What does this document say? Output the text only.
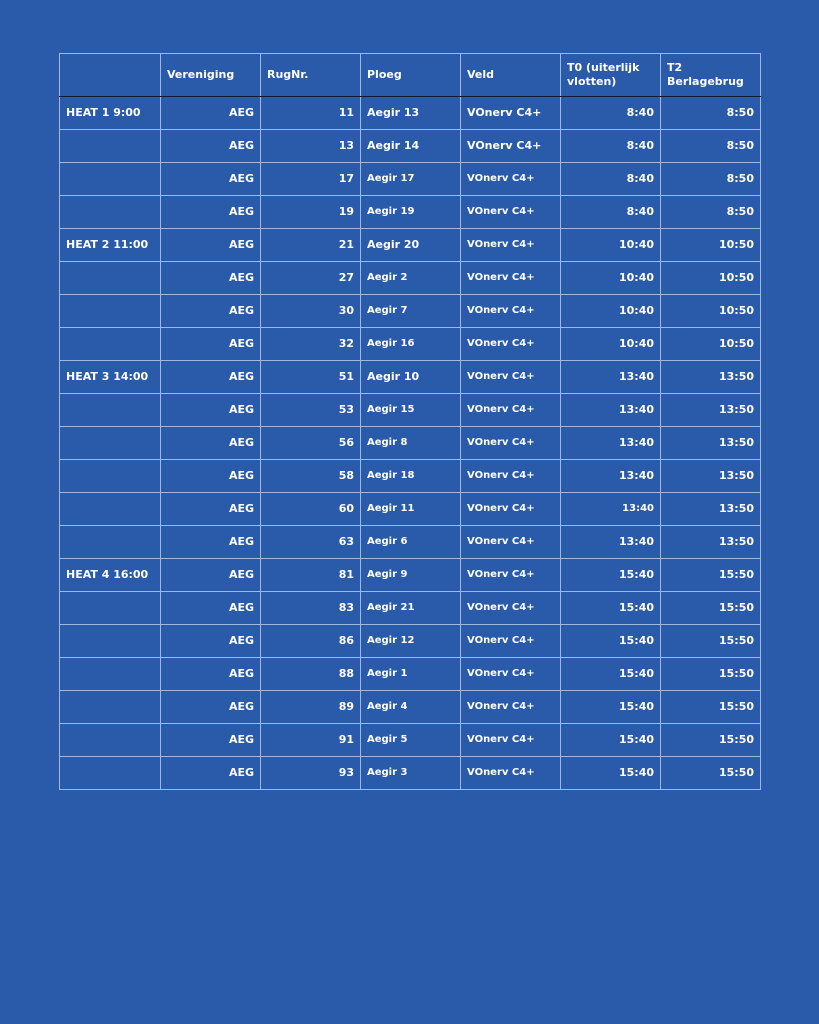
	Vereniging	RugNr.	Ploeg	Veld	T0 (uiterlijk vlotten)	T2 Berlagebrug
HEAT 1 9:00	AEG	11	Aegir 13	VOnerv C4+	8:40	8:50
	AEG	13	Aegir 14	VOnerv C4+	8:40	8:50
	AEG	17	Aegir 17	VOnerv C4+	8:40	8:50
	AEG	19	Aegir 19	VOnerv C4+	8:40	8:50
HEAT 2 11:00	AEG	21	Aegir 20	VOnerv C4+	10:40	10:50
	AEG	27	Aegir 2	VOnerv C4+	10:40	10:50
	AEG	30	Aegir 7	VOnerv C4+	10:40	10:50
	AEG	32	Aegir 16	VOnerv C4+	10:40	10:50
HEAT 3 14:00	AEG	51	Aegir 10	VOnerv C4+	13:40	13:50
	AEG	53	Aegir 15	VOnerv C4+	13:40	13:50
	AEG	56	Aegir 8	VOnerv C4+	13:40	13:50
	AEG	58	Aegir 18	VOnerv C4+	13:40	13:50
	AEG	60	Aegir 11	VOnerv C4+	13:40	13:50
	AEG	63	Aegir 6	VOnerv C4+	13:40	13:50
HEAT 4 16:00	AEG	81	Aegir 9	VOnerv C4+	15:40	15:50
	AEG	83	Aegir 21	VOnerv C4+	15:40	15:50
	AEG	86	Aegir 12	VOnerv C4+	15:40	15:50
	AEG	88	Aegir 1	VOnerv C4+	15:40	15:50
	AEG	89	Aegir 4	VOnerv C4+	15:40	15:50
	AEG	91	Aegir 5	VOnerv C4+	15:40	15:50
	AEG	93	Aegir 3	VOnerv C4+	15:40	15:50
